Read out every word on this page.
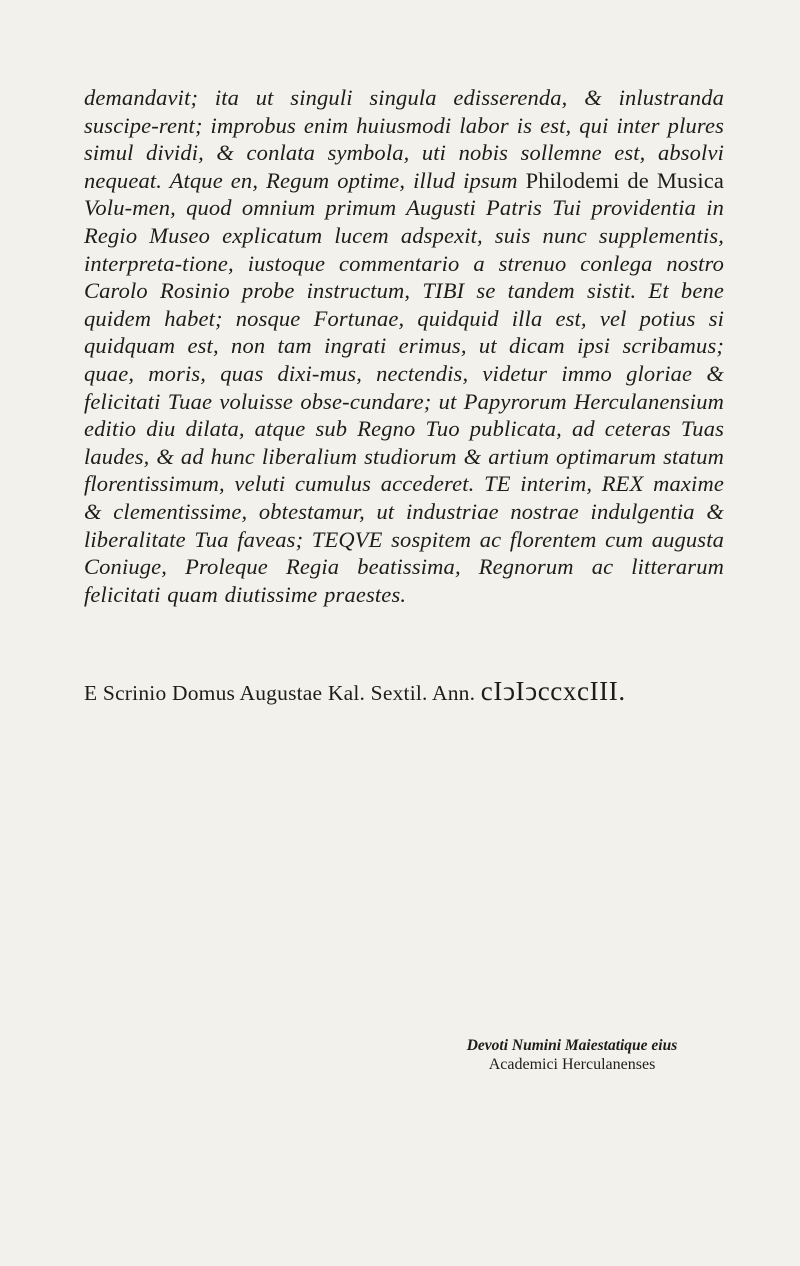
demandavit; ita ut singuli singula edisserenda, & inlustranda suscipe-rent; improbus enim huiusmodi labor is est, qui inter plures simul dividi, & conlata symbola, uti nobis sollemne est, absolvi nequeat. Atque en, Regum optime, illud ipsum Philodemi de Musica Volu-men, quod omnium primum Augusti Patris Tui providentia in Regio Museo explicatum lucem adspexit, suis nunc supplementis, interpreta-tione, iustoque commentario a strenuo conlega nostro Carolo Rosinio probe instructum, TIBI se tandem sistit. Et bene quidem habet; nosque Fortunae, quidquid illa est, vel potius si quidquam est, non tam ingrati erimus, ut dicam ipsi scribamus; quae, moris, quas dixi-mus, nectendis, videtur immo gloriae & felicitati Tuae voluisse obse-cundare; ut Papyrorum Herculanensium editio diu dilata, atque sub Regno Tuo publicata, ad ceteras Tuas laudes, & ad hunc liberalium studiorum & artium optimarum statum florentissimum, veluti cumulus accederet. TE interim, REX maxime & clementissime, obtestamur, ut industriae nostrae indulgentia & liberalitate Tua faveas; TEQVE sospitem ac florentem cum augusta Coniuge, Proleque Regia beatissima, Regnorum ac litterarum felicitati quam diutissime praestes.

E Scrinio Domus Augustae Kal. Sextil. Ann. cIↄIↄccxcIII.

Devoti Numini Maiestatique eius
Academici Herculanenses
